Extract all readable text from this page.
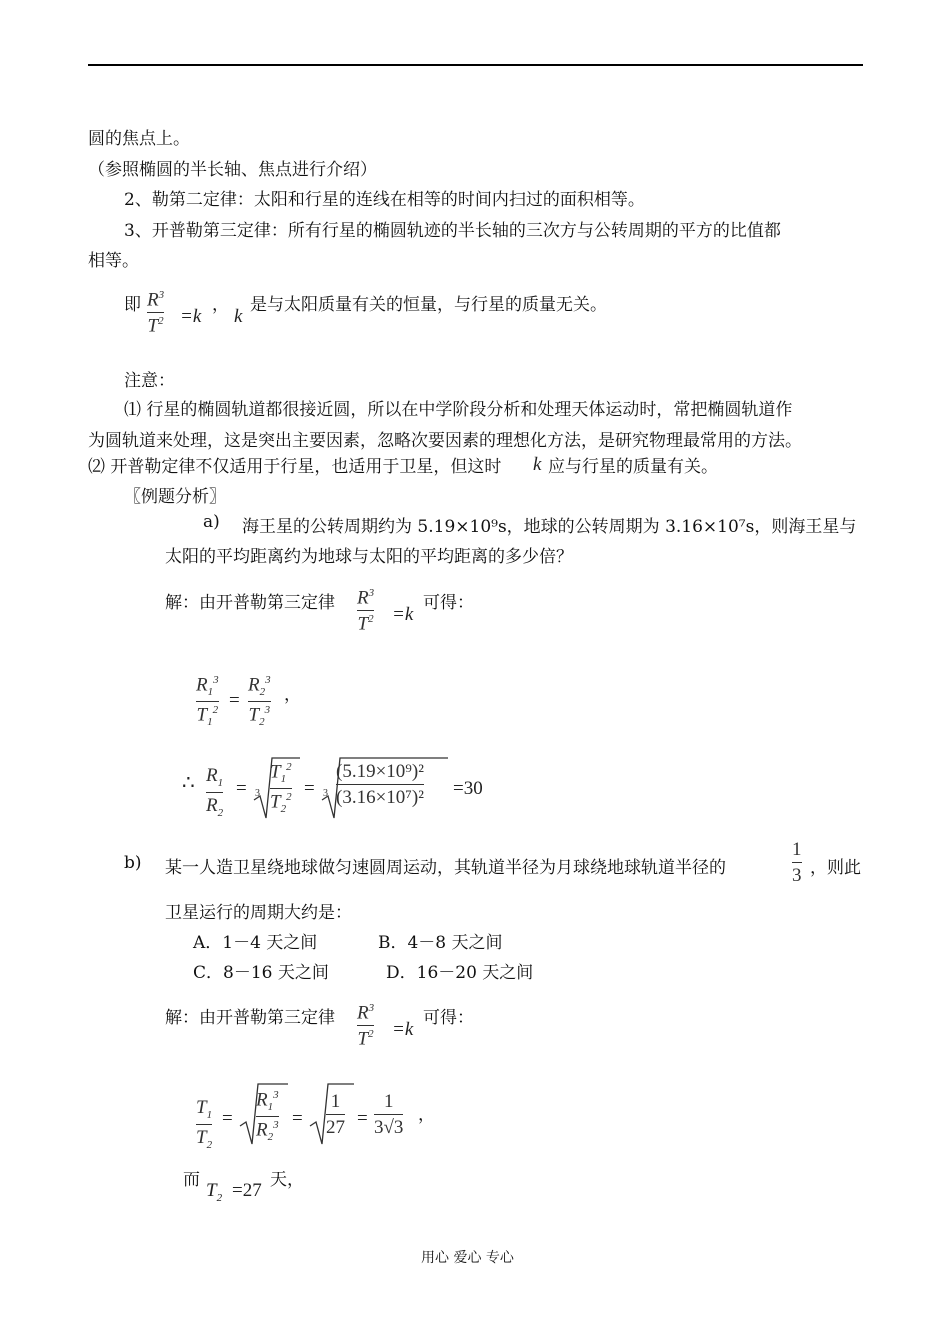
圆的焦点上。
（参照椭圆的半长轴、焦点进行介绍）
2、勒第二定律：太阳和行星的连线在相等的时间内扫过的面积相等。
3、开普勒第三定律：所有行星的椭圆轨迹的半长轴的三次方与公转周期的平方的比值都
相等。
即 $R^3$
$T^2 =k$
，
k
是与太阳质量有关的恒量，与行星的质量无关。
注意：
⑴ 行星的椭圆轨道都很接近圆，所以在中学阶段分析和处理天体运动时，常把椭圆轨道作
为圆轨道来处理，这是突出主要因素，忽略次要因素的理想化方法，是研究物理最常用的方法。
⑵ 开普勒定律不仅适用于行星，也适用于卫星，但这时 k 应与行星的质量有关。
〖例题分析〗
a) 海王星的公转周期约为 5.19×10⁹s，地球的公转周期为 3.16×10⁷s，则海王星与
太阳的平均距离约为地球与太阳的平均距离的多少倍？
解：由开普勒第三定律 $R^3$
$T^2 =k$
可得：
$R_1^3$
$T_1^2$ =
$R_2^3$
$T_2^3$
，
∴ $R_1$
$R_2$
= 3
$T_1^2$
$T_2^2 = 3$
(5.19×10⁹)²
(3.16×10⁷)² =30
b) 某一人造卫星绕地球做匀速圆周运动，其轨道半径为月球绕地球轨道半径的
1
3 ，则此
卫星运行的周期大约是：
A．1－4 天之间	B．4－8 天之间
C．8－16 天之间	D．16－20 天之间
解：由开普勒第三定律 $R^3$
$T^2 =k$
可得：
$T_1$
$T_2$
=
$R_1^3$
$R_2^3$ =
1
27 =
1
3√3
，
而 $T_2 =27$ 天，
用心 爱心 专心
